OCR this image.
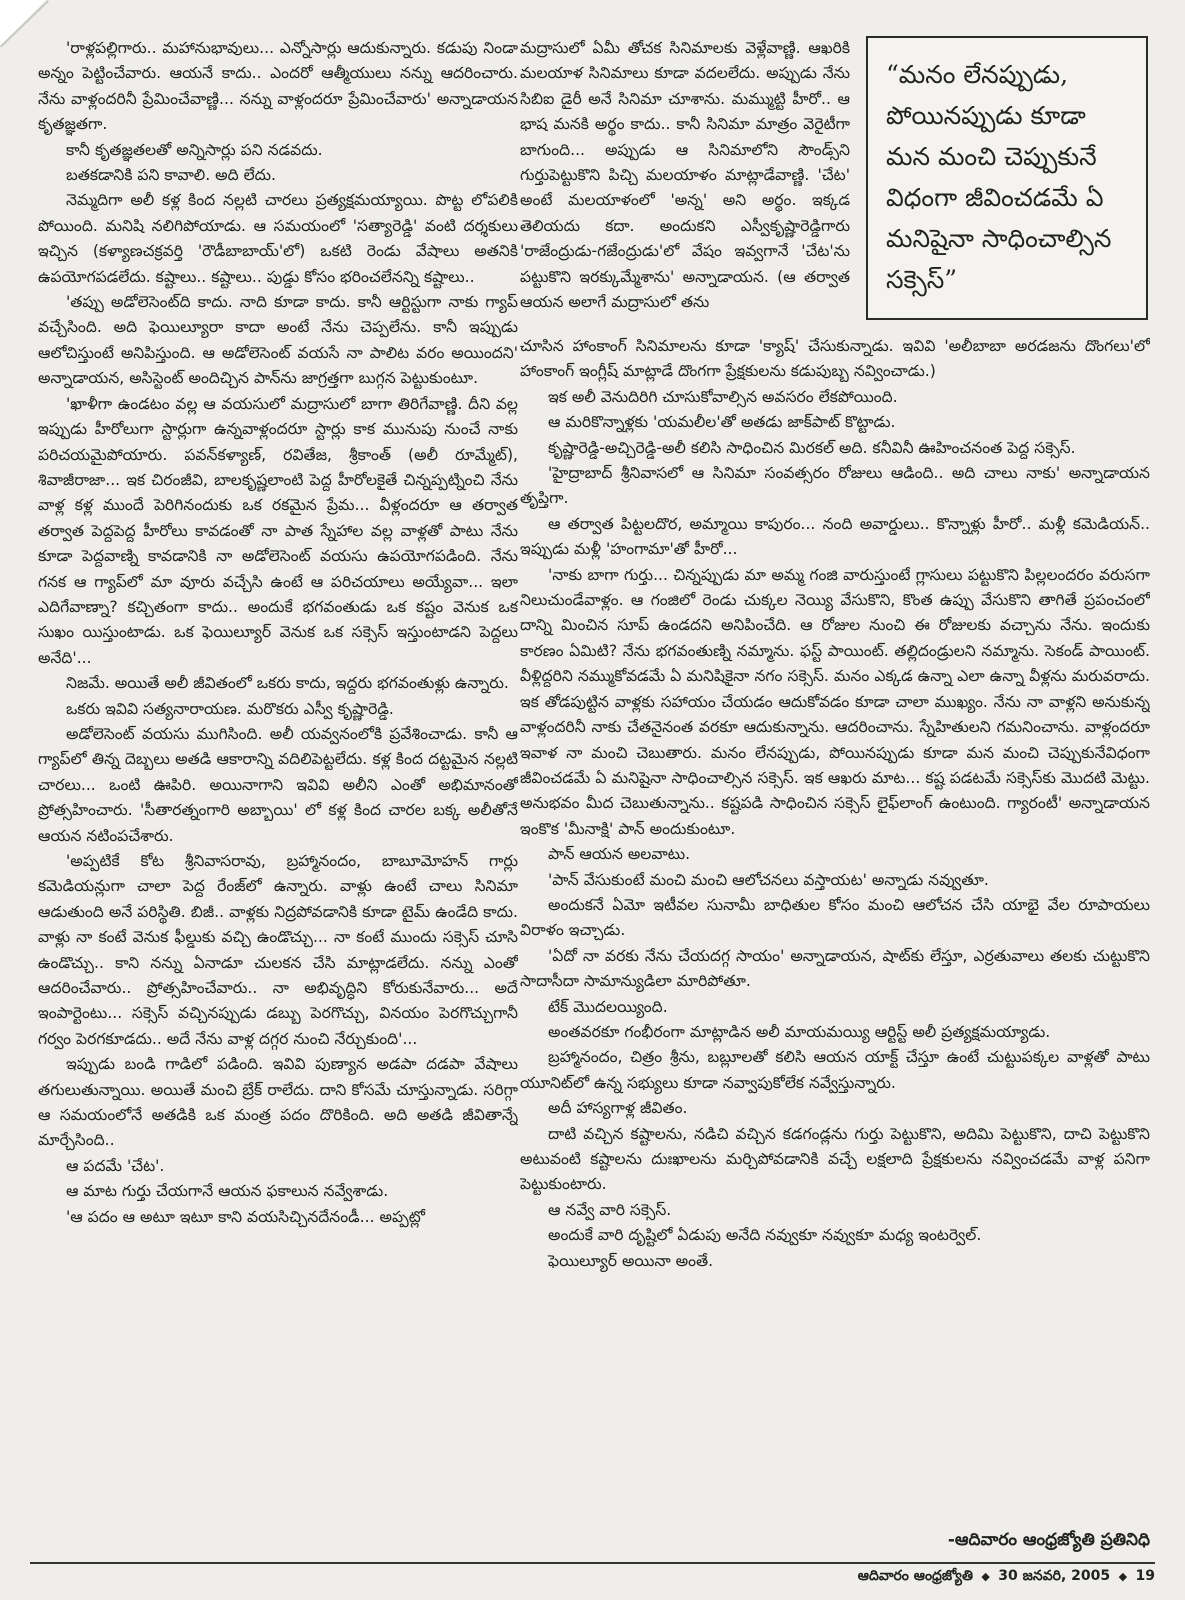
'రాళ్లపల్లిగారు.. మహానుభావులు... ఎన్నోసార్లు ఆదుకున్నారు. కడుపు నిండా అన్నం పెట్టించేవారు. ఆయనే కాదు.. ఎందరో ఆత్మీయులు నన్ను ఆదరించారు. నేను వాళ్లందరినీ ప్రేమించేవాణ్ణి... నన్ను వాళ్లందరూ ప్రేమించేవారు' అన్నాడాయన కృతజ్ఞతగా.

కానీ కృతజ్ఞతలతో అన్నిసార్లు పని నడవదు.

బతకడానికి పని కావాలి. అది లేదు.

నెమ్మదిగా అలీ కళ్ల కింద నల్లటి చారలు ప్రత్యక్షమయ్యాయి. పొట్ట లోపలికి పోయింది. మనిషి నలిగిపోయాడు. ఆ సమయంలో 'సత్యారెడ్డి' వంటి దర్శకులు ఇచ్చిన (కళ్యాణచక్రవర్తి 'రౌడీబాబాయ్'లో) ఒకటి రెండు వేషాలు అతనికి ఉపయోగపడలేదు. కష్టాలు.. కష్టాలు.. పుడ్డు కోసం భరించలేనన్ని కష్టాలు..

'తప్పు అడోలెసెంట్‌ది కాదు. నాది కూడా కాదు. కానీ ఆర్టిస్టుగా నాకు గ్యాప్ వచ్చేసింది. అది ఫెయిల్యూరా కాదా అంటే నేను చెప్పలేను. కానీ ఇప్పుడు ఆలోచిస్తుంటే అనిపిస్తుంది. ఆ అడోలెసెంట్ వయసే నా పాలిట వరం అయిందని' అన్నాడాయన, అసిస్టెంట్ అందిచ్చిన పాన్‌ను జాగ్రత్తగా బుగ్గన పెట్టుకుంటూ.

'ఖాళీగా ఉండటం వల్ల ఆ వయసులో మద్రాసులో బాగా తిరిగేవాణ్ణి. దీని వల్ల ఇప్పుడు హీరోలుగా స్టార్లుగా ఉన్నవాళ్లందరూ స్టార్లు కాక మునుపు నుంచే నాకు పరిచయమైపోయారు. పవన్‌కళ్యాణ్, రవితేజ, శ్రీకాంత్ (అలీ రూమ్మేట్), శివాజీరాజా... ఇక చిరంజీవి, బాలకృష్ణలాంటి పెద్ద హీరోలకైతే చిన్నప్పట్నించి నేను వాళ్ల కళ్ల ముందే పెరిగినందుకు ఒక రకమైన ప్రేమ... వీళ్లందరూ ఆ తర్వాత తర్వాత పెద్దపెద్ద హీరోలు కావడంతో నా పాత స్నేహాల వల్ల వాళ్లతో పాటు నేను కూడా పెద్దవాణ్ని కావడానికి నా అడోలెసెంట్ వయసు ఉపయోగపడింది. నేను గనక ఆ గ్యాప్‌లో మా వూరు వచ్చేసి ఉంటే ఆ పరిచయాలు అయ్యేవా... ఇలా ఎదిగేవాణ్నా? కచ్చితంగా కాదు.. అందుకే భగవంతుడు ఒక కష్టం వెనుక ఒక సుఖం యిస్తుంటాడు. ఒక ఫెయిల్యూర్ వెనుక ఒక సక్సెస్ ఇస్తుంటాడని పెద్దలు అనేది'...

నిజమే. అయితే అలీ జీవితంలో ఒకరు కాదు, ఇద్దరు భగవంతుళ్లు ఉన్నారు.

ఒకరు ఇవివి సత్యనారాయణ. మరొకరు ఎస్వీ కృష్ణారెడ్డి.

అడోలెసెంట్ వయసు ముగిసింది. అలీ యవ్వనంలోకి ప్రవేశించాడు. కానీ ఆ గ్యాప్‌లో తిన్న దెబ్బలు అతడి ఆకారాన్ని వదిలిపెట్టలేదు. కళ్ల కింద దట్టమైన నల్లటి చారలు... ఒంటి ఊపిరి. అయినాగాని ఇవివి అలీని ఎంతో అభిమానంతో ప్రోత్సహించారు. 'సీతారత్నంగారి అబ్బాయి' లో కళ్ల కింద చారల బక్క అలీతోనే ఆయన నటింపచేశారు.

'అప్పటికే కోట శ్రీనివాసరావు, బ్రహ్మానందం, బాబూమోహన్ గార్లు కమెడియన్లుగా చాలా పెద్ద రేంజ్‌లో ఉన్నారు. వాళ్లు ఉంటే చాలు సినిమా ఆడుతుంది అనే పరిస్థితి. బిజీ.. వాళ్లకు నిద్రపోవడానికి కూడా టైమ్ ఉండేది కాదు. వాళ్లు నా కంటే వెనుక ఫీల్డుకు వచ్చి ఉండొచ్చు... నా కంటే ముందు సక్సెస్ చూసి ఉండొచ్చు.. కాని నన్ను ఏనాడూ చులకన చేసి మాట్లాడలేదు. నన్ను ఎంతో ఆదరించేవారు.. ప్రోత్సహించేవారు.. నా అభివృద్ధిని కోరుకునేవారు... అదే ఇంపార్టెంటు... సక్సెస్ వచ్చినప్పుడు డబ్బు పెరగొచ్చు, వినయం పెరగొచ్చుగానీ గర్వం పెరగకూడదు.. అదే నేను వాళ్ల దగ్గర నుంచి నేర్చుకుంది'...

ఇప్పుడు బండి గాడిలో పడింది. ఇవివి పుణ్యాన అడపా దడపా వేషాలు తగులుతున్నాయి. అయితే మంచి బ్రేక్ రాలేదు. దాని కోసమే చూస్తున్నాడు. సరిగ్గా ఆ సమయంలోనే అతడికి ఒక మంత్ర పదం దొరికింది. అది అతడి జీవితాన్నే మార్చేసింది..

ఆ పదమే 'చేట'.

ఆ మాట గుర్తు చేయగానే ఆయన ఫకాలున నవ్వేశాడు.

'ఆ పదం ఆ అటూ ఇటూ కాని వయసిచ్చినదేనండీ... అప్పట్లో

మద్రాసులో ఏమీ తోచక సినిమాలకు వెళ్లేవాణ్ణి. ఆఖరికి మలయాళ సినిమాలు కూడా వదలలేదు. అప్పుడు నేను సిబిఐ డైరీ అనే సినిమా చూశాను. మమ్ముట్టి హీరో.. ఆ భాష మనకి అర్థం కాదు.. కానీ సినిమా మాత్రం వెరైటీగా బాగుంది... అప్పుడు ఆ సినిమాలోని సౌండ్స్‌ని గుర్తుపెట్టుకొని పిచ్చి మలయాళం మాట్లాడేవాణ్ణి. 'చేట' అంటే మలయాళంలో 'అన్న' అని అర్థం. ఇక్కడ తెలియదు కదా. అందుకని ఎస్వీకృష్ణారెడ్డిగారు 'రాజేంద్రుడు-గజేంద్రుడు'లో వేషం ఇవ్వగానే 'చేట'ను పట్టుకొని ఇరక్కుమ్మేశాను' అన్నాడాయన. (ఆ తర్వాత ఆయన అలాగే మద్రాసులో తను

“మనం లేనప్పుడు, పోయినప్పుడు కూడా మన మంచి చెప్పుకునే విధంగా జీవించడమే ఏ మనిషైనా సాధించాల్సిన సక్సెస్”

చూసిన హాంకాంగ్ సినిమాలను కూడా 'క్యాష్' చేసుకున్నాడు. ఇవివి 'అలీబాబా అరడజను దొంగలు'లో హాంకాంగ్ ఇంగ్లీష్ మాట్లాడే దొంగగా ప్రేక్షకులను కడుపుబ్బ నవ్వించాడు.)

ఇక అలీ వెనుదిరిగి చూసుకోవాల్సిన అవసరం లేకపోయింది.

ఆ మరికొన్నాళ్లకు 'యమలీల'తో అతడు జాక్‌పాట్ కొట్టాడు.

కృష్ణారెడ్డి-అచ్చిరెడ్డి-అలీ కలిసి సాధించిన మిరకల్ అది. కనీవినీ ఊహించనంత పెద్ద సక్సెస్.

'హైద్రాబాద్ శ్రీనివాసలో ఆ సినిమా సంవత్సరం రోజులు ఆడింది.. అది చాలు నాకు' అన్నాడాయన తృప్తిగా.

ఆ తర్వాత పిట్టలదొర, అమ్మాయి కాపురం... నంది అవార్డులు.. కొన్నాళ్లు హీరో.. మళ్లీ కమెడియన్.. ఇప్పుడు మళ్లీ 'హంగామా'తో హీరో...

'నాకు బాగా గుర్తు... చిన్నప్పుడు మా అమ్మ గంజి వారుస్తుంటే గ్లాసులు పట్టుకొని పిల్లలందరం వరుసగా నిలుచుండేవాళ్లం. ఆ గంజిలో రెండు చుక్కల నెయ్యి వేసుకొని, కొంత ఉప్పు వేసుకొని తాగితే ప్రపంచంలో దాన్ని మించిన సూప్ ఉండదని అనిపించేది. ఆ రోజుల నుంచి ఈ రోజులకు వచ్చాను నేను. ఇందుకు కారణం ఏమిటి? నేను భగవంతుణ్ని నమ్మాను. ఫస్ట్ పాయింట్. తల్లిదండ్రులని నమ్మాను. సెకండ్ పాయింట్. వీళ్లిద్దరిని నమ్ముకోవడమే ఏ మనిషికైనా నగం సక్సెస్. మనం ఎక్కడ ఉన్నా ఎలా ఉన్నా వీళ్లను మరువరాదు. ఇక తోడపుట్టిన వాళ్లకు సహాయం చేయడం ఆదుకోవడం కూడా చాలా ముఖ్యం. నేను నా వాళ్లని అనుకున్న వాళ్లందరినీ నాకు చేతనైనంత వరకూ ఆదుకున్నాను. ఆదరించాను. స్నేహితులని గమనించాను. వాళ్లందరూ ఇవాళ నా మంచి చెబుతారు. మనం లేనప్పుడు, పోయినప్పుడు కూడా మన మంచి చెప్పుకునేవిధంగా జీవించడమే ఏ మనిషైనా సాధించాల్సిన సక్సెస్. ఇక ఆఖరు మాట... కష్ట పడటమే సక్సెస్‌కు మొదటి మెట్టు. అనుభవం మీద చెబుతున్నాను.. కష్టపడి సాధించిన సక్సెస్ లైఫ్‌లాంగ్ ఉంటుంది. గ్యారంటీ' అన్నాడాయన ఇంకొక 'మీనాక్షి' పాన్ అందుకుంటూ.

పాన్ ఆయన అలవాటు.

'పాన్ వేసుకుంటే మంచి మంచి ఆలోచనలు వస్తాయట' అన్నాడు నవ్వుతూ.

అందుకనే ఏమో ఇటీవల సునామీ బాధితుల కోసం మంచి ఆలోచన చేసి యాభై వేల రూపాయలు విరాళం ఇచ్చాడు.

'ఏదో నా వరకు నేను చేయదగ్గ సాయం' అన్నాడాయన, షాట్‌కు లేస్తూ, ఎర్రతువాలు తలకు చుట్టుకొని సాదాసీదా సామాన్యుడిలా మారిపోతూ.

టేక్ మొదలయ్యింది.

అంతవరకూ గంభీరంగా మాట్లాడిన అలీ మాయమయ్యి ఆర్టిస్ట్ అలీ ప్రత్యక్షమయ్యాడు.

బ్రహ్మానందం, చిత్రం శ్రీను, బబ్లూలతో కలిసి ఆయన యాక్ట్ చేస్తూ ఉంటే చుట్టుపక్కల వాళ్లతో పాటు యూనిట్‌లో ఉన్న సభ్యులు కూడా నవ్వాపుకోలేక నవ్వేస్తున్నారు.

అదీ హాస్యగాళ్ల జీవితం.

దాటి వచ్చిన కష్టాలను, నడిచి వచ్చిన కడగండ్లను గుర్తు పెట్టుకొని, అదిమి పెట్టుకొని, దాచి పెట్టుకొని అటువంటి కష్టాలను దుఃఖాలను మర్చిపోవడానికి వచ్చే లక్షలాది ప్రేక్షకులను నవ్వించడమే వాళ్ల పనిగా పెట్టుకుంటారు.

ఆ నవ్వే వారి సక్సెస్.

అందుకే వారి దృష్టిలో ఏడుపు అనేది నవ్వుకూ నవ్వుకూ మధ్య ఇంటర్వెల్.

ఫెయిల్యూర్ అయినా అంతే.

-ఆదివారం ఆంధ్రజ్యోతి ప్రతినిధి
ఆదివారం ఆంధ్రజ్యోతి ◆ 30 జనవరి, 2005 ◆ 19
